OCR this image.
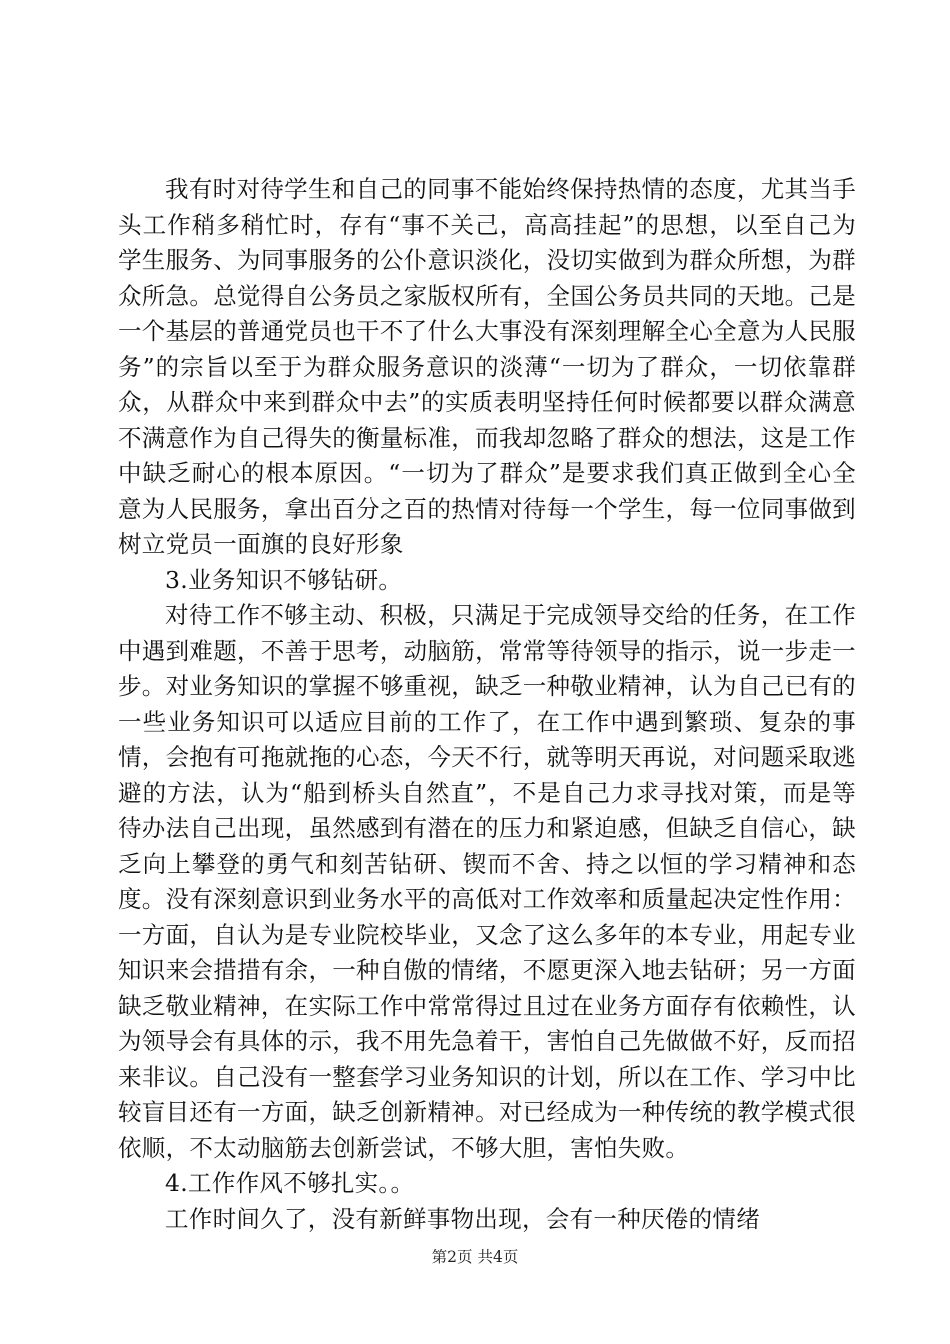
我有时对待学生和自己的同事不能始终保持热情的态度，尤其当手头工作稍多稍忙时，存有“事不关己，高高挂起”的思想，以至自己为学生服务、为同事服务的公仆意识淡化，没切实做到为群众所想，为群众所急。总觉得自公务员之家版权所有，全国公务员共同的天地。己是一个基层的普通党员也干不了什么大事没有深刻理解全心全意为人民服务”的宗旨以至于为群众服务意识的淡薄“一切为了群众，一切依靠群众，从群众中来到群众中去”的实质表明坚持任何时候都要以群众满意不满意作为自己得失的衡量标准，而我却忽略了群众的想法，这是工作中缺乏耐心的根本原因。“一切为了群众”是要求我们真正做到全心全意为人民服务，拿出百分之百的热情对待每一个学生，每一位同事做到树立党员一面旗的良好形象

3.业务知识不够钻研。

对待工作不够主动、积极，只满足于完成领导交给的任务，在工作中遇到难题，不善于思考，动脑筋，常常等待领导的指示，说一步走一步。对业务知识的掌握不够重视，缺乏一种敬业精神，认为自己已有的一些业务知识可以适应目前的工作了，在工作中遇到繁琐、复杂的事情，会抱有可拖就拖的心态，今天不行，就等明天再说，对问题采取逃避的方法，认为“船到桥头自然直”，不是自己力求寻找对策，而是等待办法自己出现，虽然感到有潜在的压力和紧迫感，但缺乏自信心，缺乏向上攀登的勇气和刻苦钻研、锲而不舍、持之以恒的学习精神和态度。没有深刻意识到业务水平的高低对工作效率和质量起决定性作用：一方面，自认为是专业院校毕业，又念了这么多年的本专业，用起专业知识来会措措有余，一种自傲的情绪，不愿更深入地去钻研；另一方面缺乏敬业精神，在实际工作中常常得过且过在业务方面存有依赖性，认为领导会有具体的示，我不用先急着干，害怕自己先做做不好，反而招来非议。自己没有一整套学习业务知识的计划，所以在工作、学习中比较盲目还有一方面，缺乏创新精神。对已经成为一种传统的教学模式很依顺，不太动脑筋去创新尝试，不够大胆，害怕失败。

4.工作作风不够扎实。。

工作时间久了，没有新鲜事物出现，会有一种厌倦的情绪

第2页 共4页
